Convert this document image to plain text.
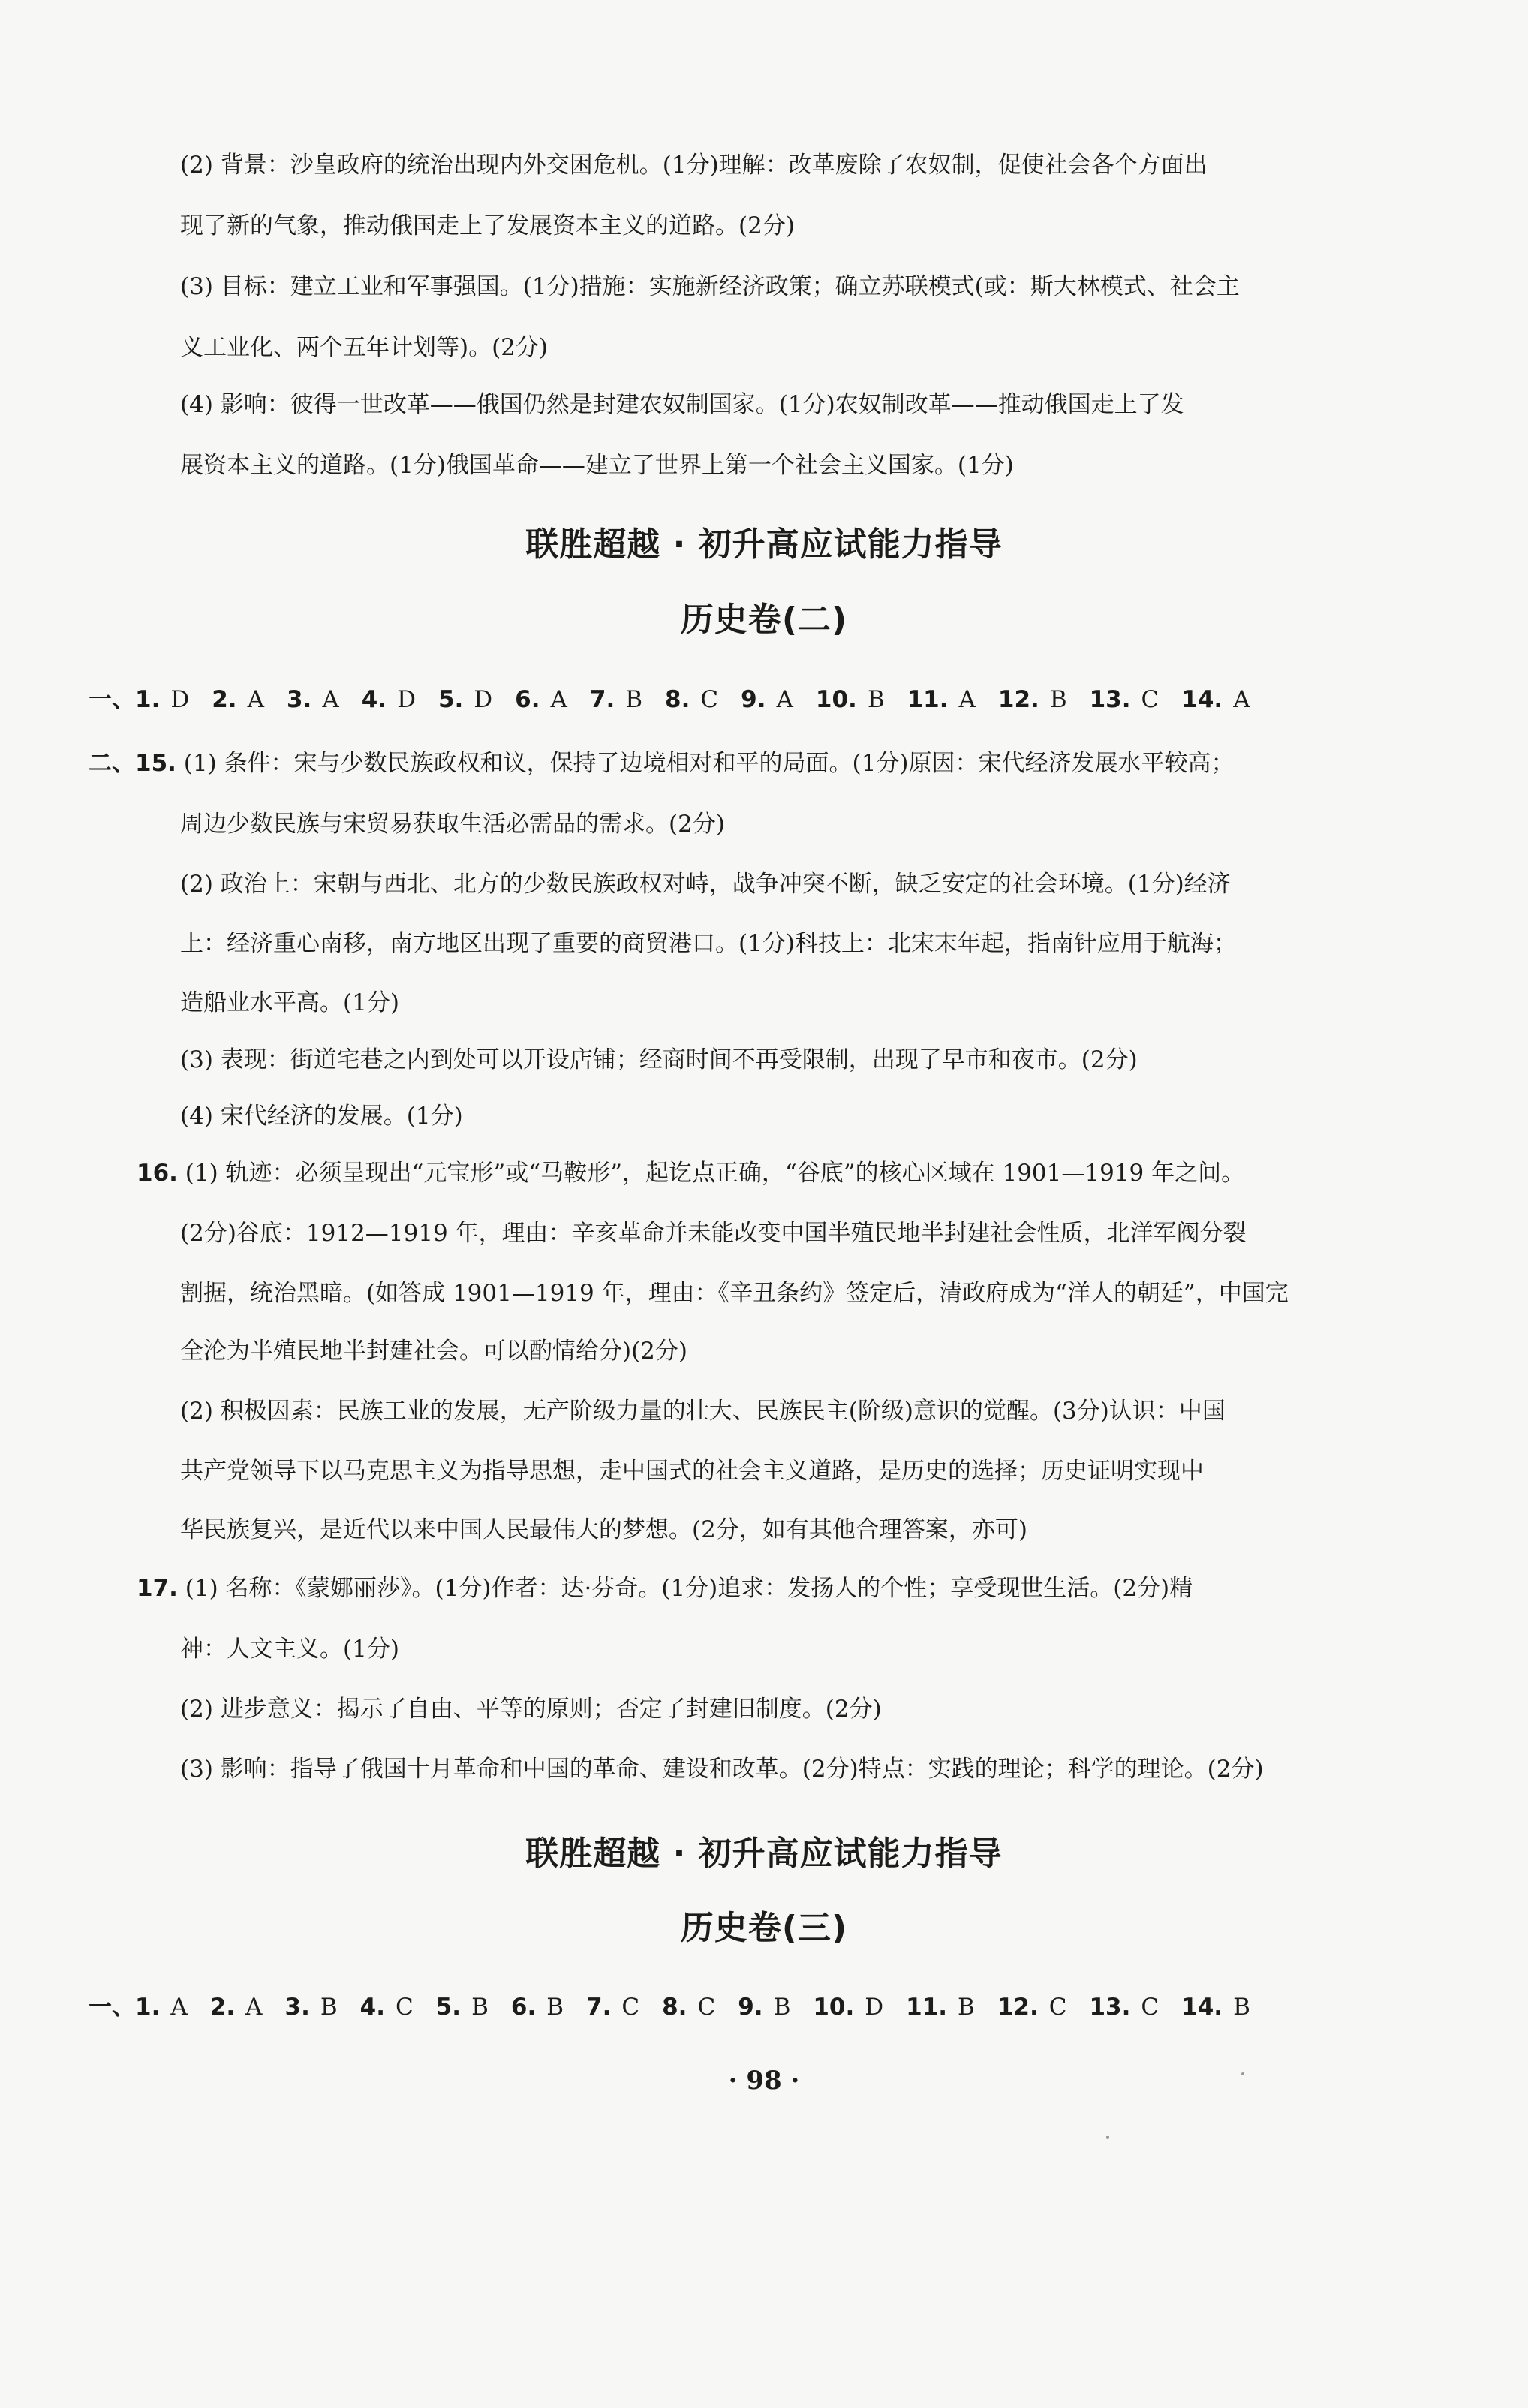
(2) 背景：沙皇政府的统治出现内外交困危机。(1分)理解：改革废除了农奴制，促使社会各个方面出
现了新的气象，推动俄国走上了发展资本主义的道路。(2分)
(3) 目标：建立工业和军事强国。(1分)措施：实施新经济政策；确立苏联模式(或：斯大林模式、社会主
义工业化、两个五年计划等)。(2分)
(4) 影响：彼得一世改革——俄国仍然是封建农奴制国家。(1分)农奴制改革——推动俄国走上了发
展资本主义的道路。(1分)俄国革命——建立了世界上第一个社会主义国家。(1分)
联胜超越 · 初升高应试能力指导
历史卷(二)
一、1. D 2. A 3. A 4. D 5. D 6. A 7. B 8. C 9. A 10. B 11. A 12. B 13. C 14. A
二、15. (1) 条件：宋与少数民族政权和议，保持了边境相对和平的局面。(1分)原因：宋代经济发展水平较高；
周边少数民族与宋贸易获取生活必需品的需求。(2分)
(2) 政治上：宋朝与西北、北方的少数民族政权对峙，战争冲突不断，缺乏安定的社会环境。(1分)经济
上：经济重心南移，南方地区出现了重要的商贸港口。(1分)科技上：北宋末年起，指南针应用于航海；
造船业水平高。(1分)
(3) 表现：街道宅巷之内到处可以开设店铺；经商时间不再受限制，出现了早市和夜市。(2分)
(4) 宋代经济的发展。(1分)
16. (1) 轨迹：必须呈现出“元宝形”或“马鞍形”，起讫点正确，“谷底”的核心区域在 1901—1919 年之间。
(2分)谷底：1912—1919 年，理由：辛亥革命并未能改变中国半殖民地半封建社会性质，北洋军阀分裂
割据，统治黑暗。(如答成 1901—1919 年，理由：《辛丑条约》签定后，清政府成为“洋人的朝廷”，中国完
全沦为半殖民地半封建社会。可以酌情给分)(2分)
(2) 积极因素：民族工业的发展，无产阶级力量的壮大、民族民主(阶级)意识的觉醒。(3分)认识：中国
共产党领导下以马克思主义为指导思想，走中国式的社会主义道路，是历史的选择；历史证明实现中
华民族复兴，是近代以来中国人民最伟大的梦想。(2分，如有其他合理答案，亦可)
17. (1) 名称：《蒙娜丽莎》。(1分)作者：达·芬奇。(1分)追求：发扬人的个性；享受现世生活。(2分)精
神：人文主义。(1分)
(2) 进步意义：揭示了自由、平等的原则；否定了封建旧制度。(2分)
(3) 影响：指导了俄国十月革命和中国的革命、建设和改革。(2分)特点：实践的理论；科学的理论。(2分)
联胜超越 · 初升高应试能力指导
历史卷(三)
一、1. A 2. A 3. B 4. C 5. B 6. B 7. C 8. C 9. B 10. D 11. B 12. C 13. C 14. B
· 98 ·
